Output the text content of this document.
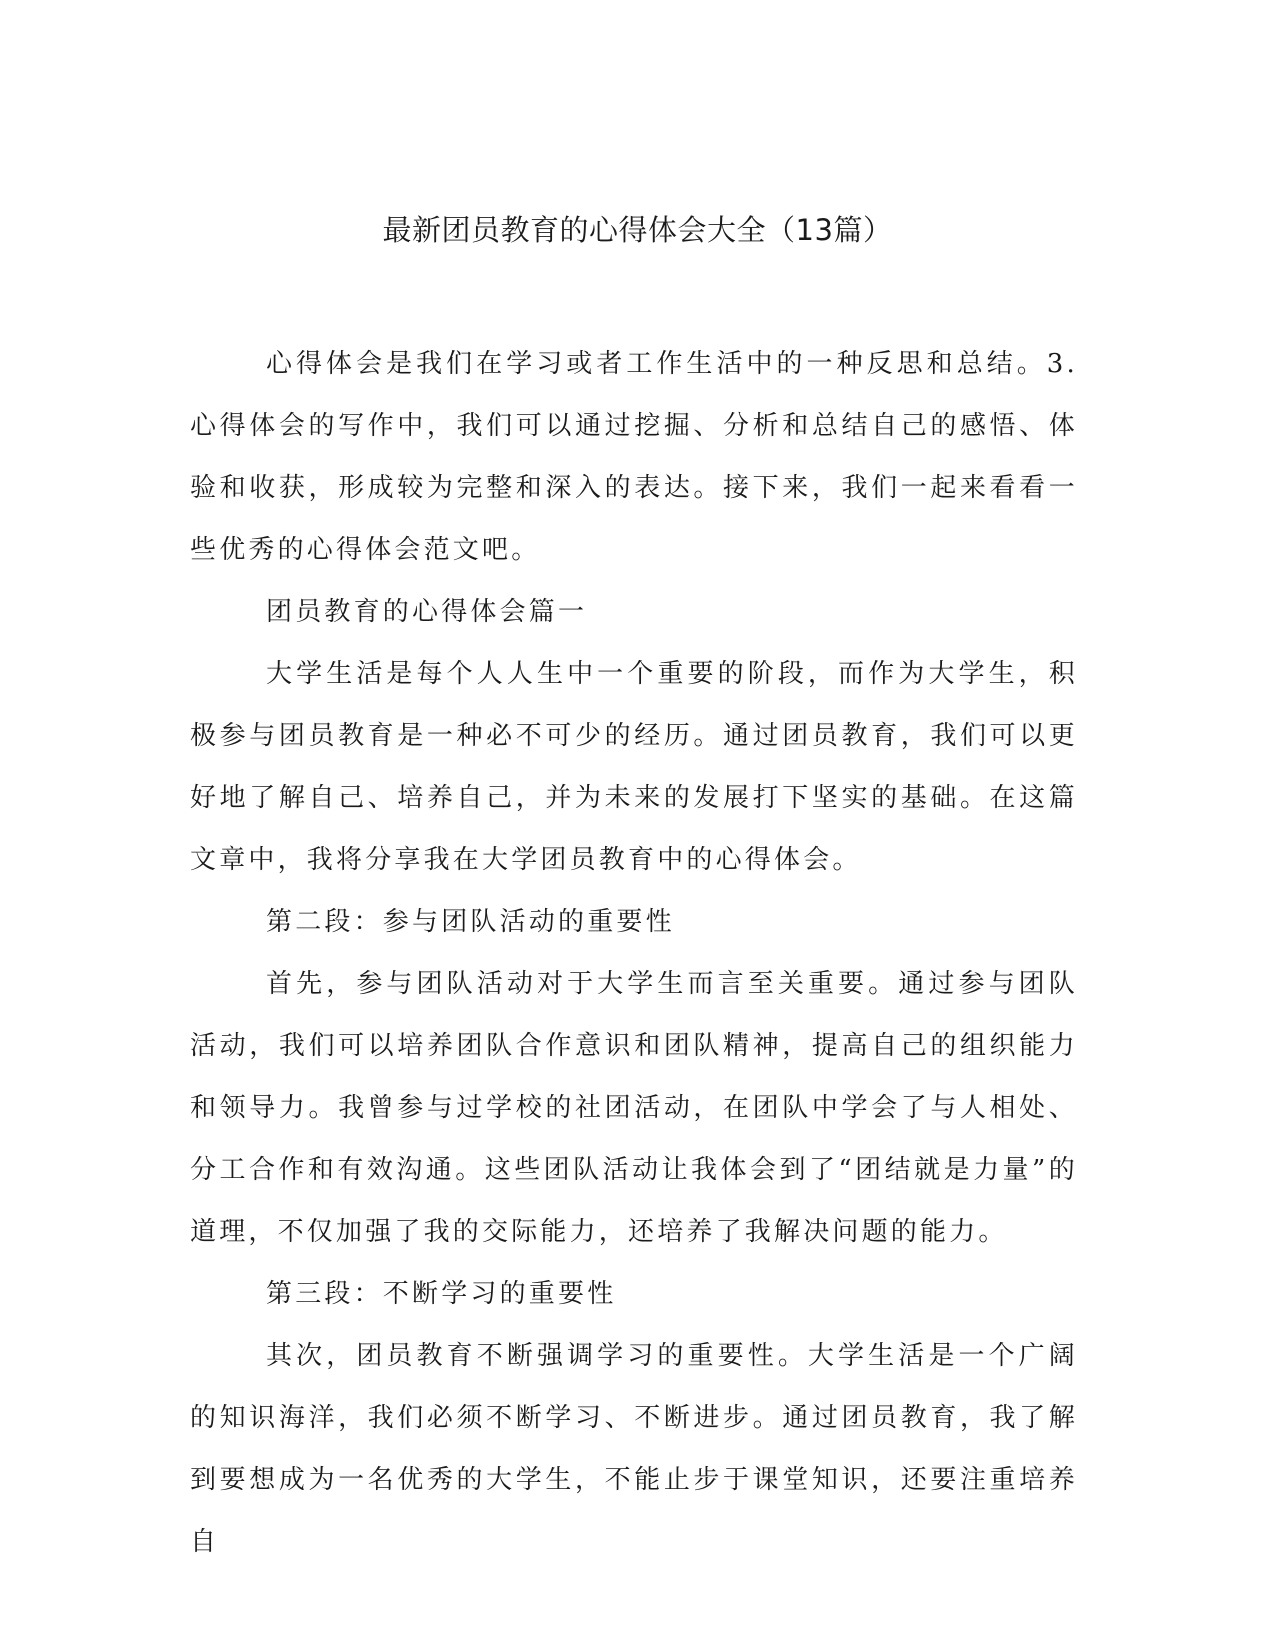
最新团员教育的心得体会大全（13篇）

心得体会是我们在学习或者工作生活中的一种反思和总结。3.心得体会的写作中，我们可以通过挖掘、分析和总结自己的感悟、体验和收获，形成较为完整和深入的表达。接下来，我们一起来看看一些优秀的心得体会范文吧。

团员教育的心得体会篇一

大学生活是每个人人生中一个重要的阶段，而作为大学生，积极参与团员教育是一种必不可少的经历。通过团员教育，我们可以更好地了解自己、培养自己，并为未来的发展打下坚实的基础。在这篇文章中，我将分享我在大学团员教育中的心得体会。

第二段：参与团队活动的重要性

首先，参与团队活动对于大学生而言至关重要。通过参与团队活动，我们可以培养团队合作意识和团队精神，提高自己的组织能力和领导力。我曾参与过学校的社团活动，在团队中学会了与人相处、分工合作和有效沟通。这些团队活动让我体会到了“团结就是力量”的道理，不仅加强了我的交际能力，还培养了我解决问题的能力。

第三段：不断学习的重要性

其次，团员教育不断强调学习的重要性。大学生活是一个广阔的知识海洋，我们必须不断学习、不断进步。通过团员教育，我了解到要想成为一名优秀的大学生，不能止步于课堂知识，还要注重培养自
